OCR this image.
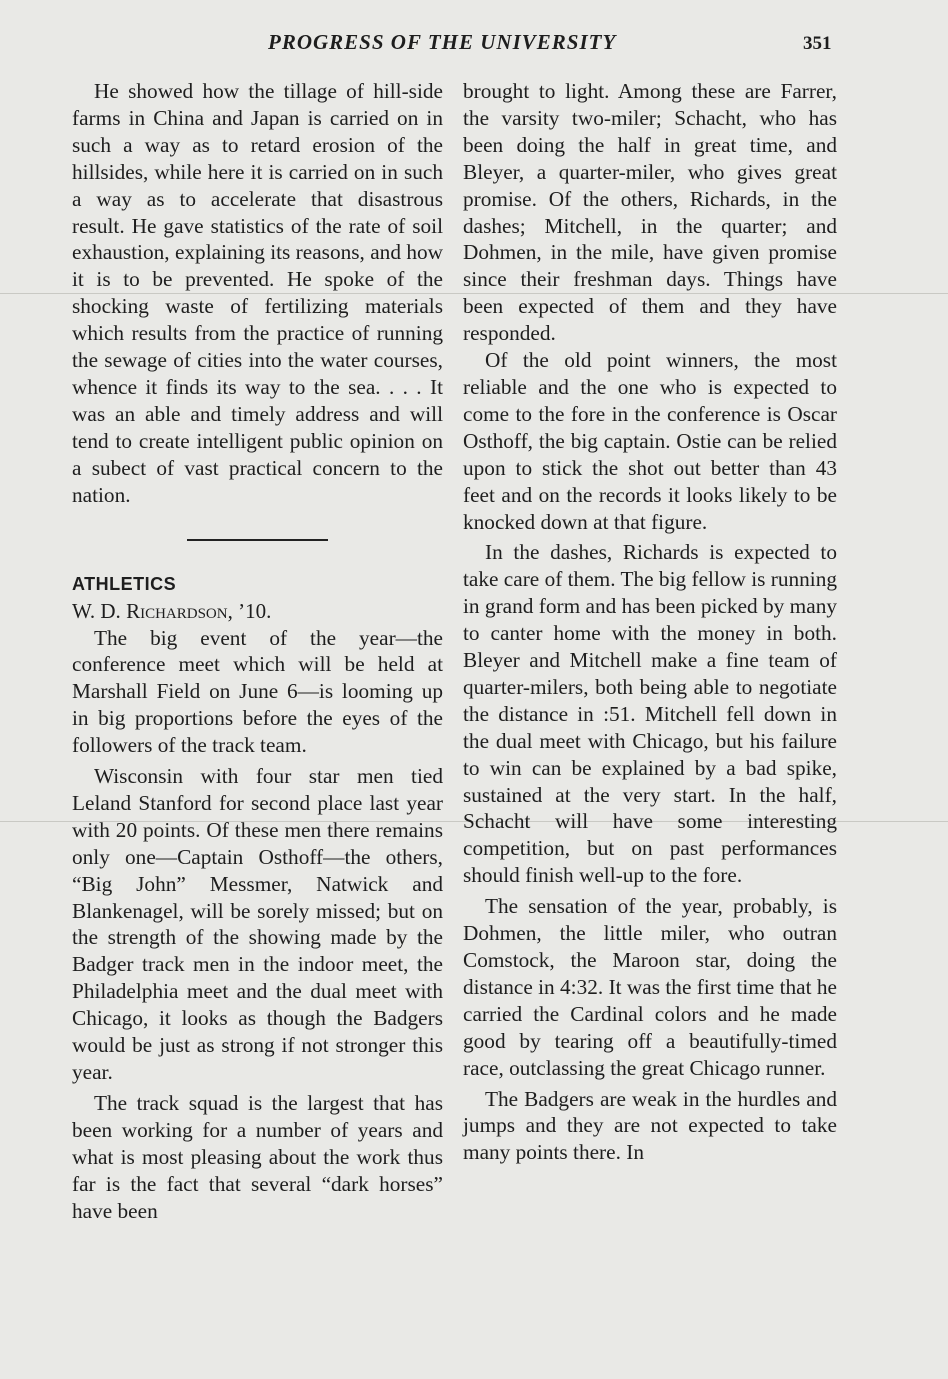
PROGRESS OF THE UNIVERSITY	351

He showed how the tillage of hill-side farms in China and Japan is carried on in such a way as to retard erosion of the hillsides, while here it is carried on in such a way as to accelerate that disastrous result. He gave statistics of the rate of soil exhaustion, explaining its reasons, and how it is to be prevented. He spoke of the shocking waste of fertilizing materials which results from the practice of running the sewage of cities into the water courses, whence it finds its way to the sea. . . . It was an able and timely address and will tend to create intelligent public opinion on a subect of vast practical concern to the nation.

ATHLETICS

W. D. Richardson, ’10.

The big event of the year—the conference meet which will be held at Marshall Field on June 6—is looming up in big proportions before the eyes of the followers of the track team.

Wisconsin with four star men tied Leland Stanford for second place last year with 20 points. Of these men there remains only one—Captain Osthoff—the others, “Big John” Messmer, Natwick and Blankenagel, will be sorely missed; but on the strength of the showing made by the Badger track men in the indoor meet, the Philadelphia meet and the dual meet with Chicago, it looks as though the Badgers would be just as strong if not stronger this year.

The track squad is the largest that has been working for a number of years and what is most pleasing about the work thus far is the fact that several “dark horses” have been

brought to light. Among these are Farrer, the varsity two-miler; Schacht, who has been doing the half in great time, and Bleyer, a quarter-miler, who gives great promise. Of the others, Richards, in the dashes; Mitchell, in the quarter; and Dohmen, in the mile, have given promise since their freshman days. Things have been expected of them and they have responded.

Of the old point winners, the most reliable and the one who is expected to come to the fore in the conference is Oscar Osthoff, the big captain. Ostie can be relied upon to stick the shot out better than 43 feet and on the records it looks likely to be knocked down at that figure.

In the dashes, Richards is expected to take care of them. The big fellow is running in grand form and has been picked by many to canter home with the money in both. Bleyer and Mitchell make a fine team of quarter-milers, both being able to negotiate the distance in :51. Mitchell fell down in the dual meet with Chicago, but his failure to win can be explained by a bad spike, sustained at the very start. In the half, Schacht will have some interesting competition, but on past performances should finish well-up to the fore.

The sensation of the year, probably, is Dohmen, the little miler, who outran Comstock, the Maroon star, doing the distance in 4:32. It was the first time that he carried the Cardinal colors and he made good by tearing off a beautifully-timed race, outclassing the great Chicago runner.

The Badgers are weak in the hurdles and jumps and they are not expected to take many points there. In
